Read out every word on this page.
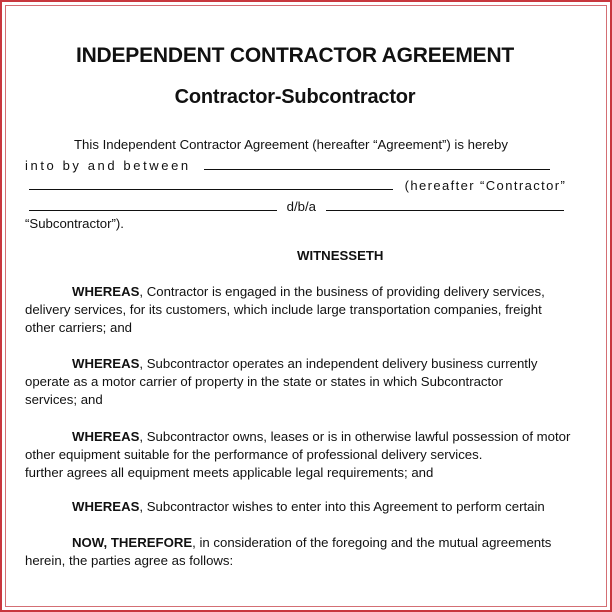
INDEPENDENT CONTRACTOR AGREEMENT
Contractor-Subcontractor
This Independent Contractor Agreement (hereafter “Agreement”) is hereby
into by and between
(hereafter “Contractor”
d/b/a
“Subcontractor”).
WITNESSETH
WHEREAS, Contractor is engaged in the business of providing delivery services,
delivery services, for its customers, which include large transportation companies, freight
other carriers; and
WHEREAS, Subcontractor operates an independent delivery business currently
operate as a motor carrier of property in the state or states in which Subcontractor
services; and
WHEREAS, Subcontractor owns, leases or is in otherwise lawful possession of motor
other equipment suitable for the performance of professional delivery services.
further agrees all equipment meets applicable legal requirements; and
WHEREAS, Subcontractor wishes to enter into this Agreement to perform certain
NOW, THEREFORE, in consideration of the foregoing and the mutual agreements
herein, the parties agree as follows:
